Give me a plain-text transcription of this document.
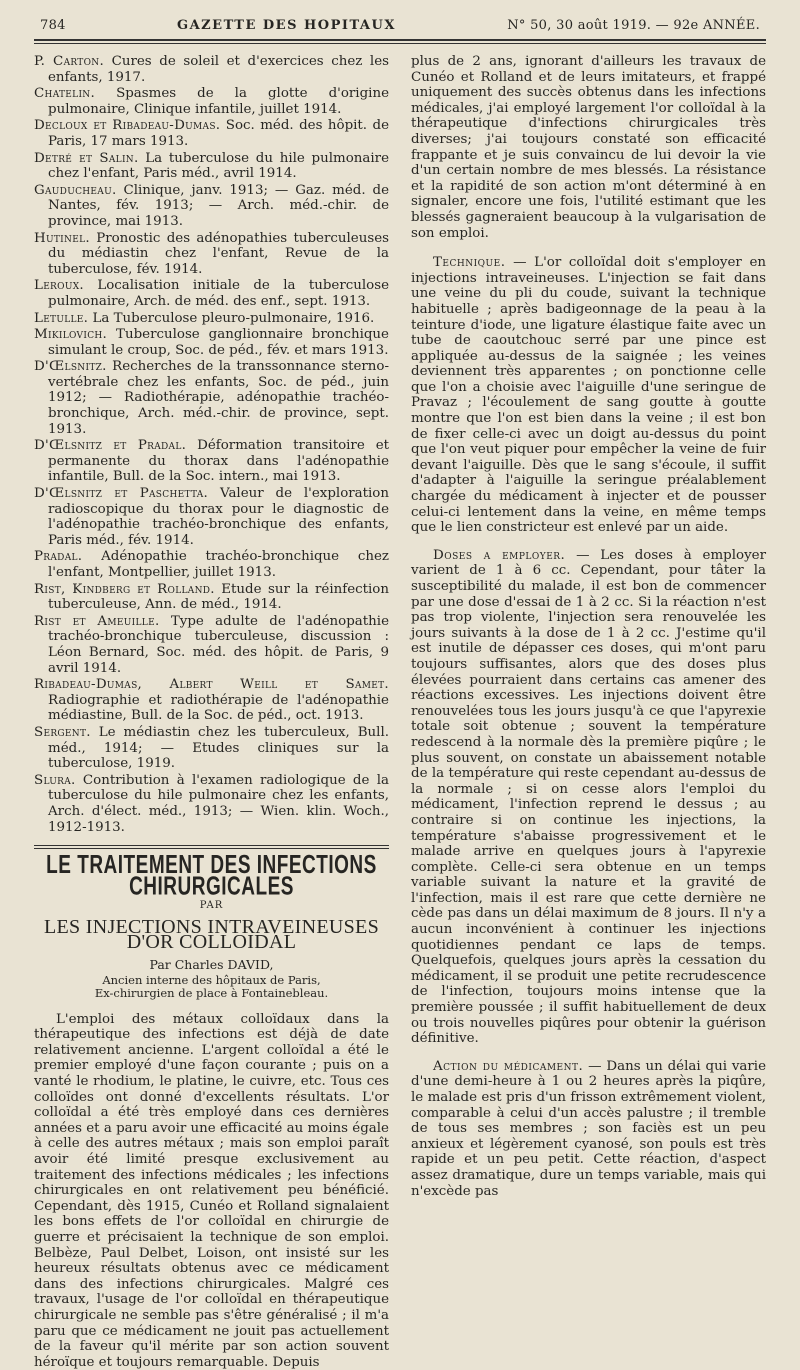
784	GAZETTE DES HOPITAUX	N° 50, 30 août 1919. — 92e ANNÉE.

P. Carton. Cures de soleil et d'exercices chez les enfants, 1917.

Chatelin. Spasmes de la glotte d'origine pulmonaire, Clinique infantile, juillet 1914.

Decloux et Ribadeau-Dumas. Soc. méd. des hôpit. de Paris, 17 mars 1913.

Detré et Salin. La tuberculose du hile pulmonaire chez l'enfant, Paris méd., avril 1914.

Gauducheau. Clinique, janv. 1913; — Gaz. méd. de Nantes, fév. 1913; — Arch. méd.-chir. de province, mai 1913.

Hutinel. Pronostic des adénopathies tuberculeuses du médiastin chez l'enfant, Revue de la tuberculose, fév. 1914.

Leroux. Localisation initiale de la tuberculose pulmonaire, Arch. de méd. des enf., sept. 1913.

Letulle. La Tuberculose pleuro-pulmonaire, 1916.

Mikilovich. Tuberculose ganglionnaire bronchique simulant le croup, Soc. de péd., fév. et mars 1913.

D'Œlsnitz. Recherches de la transsonnance sterno-vertébrale chez les enfants, Soc. de péd., juin 1912; — Radiothérapie, adénopathie trachéo-bronchique, Arch. méd.-chir. de province, sept. 1913.

D'Œlsnitz et Pradal. Déformation transitoire et permanente du thorax dans l'adénopathie infantile, Bull. de la Soc. intern., mai 1913.

D'Œlsnitz et Paschetta. Valeur de l'exploration radioscopique du thorax pour le diagnostic de l'adénopathie trachéo-bronchique des enfants, Paris méd., fév. 1914.

Pradal. Adénopathie trachéo-bronchique chez l'enfant, Montpellier, juillet 1913.

Rist, Kindberg et Rolland. Etude sur la réinfection tuberculeuse, Ann. de méd., 1914.

Rist et Ameuille. Type adulte de l'adénopathie trachéo-bronchique tuberculeuse, discussion : Léon Bernard, Soc. méd. des hôpit. de Paris, 9 avril 1914.

Ribadeau-Dumas, Albert Weill et Samet. Radiographie et radiothérapie de l'adénopathie médiastine, Bull. de la Soc. de péd., oct. 1913.

Sergent. Le médiastin chez les tuberculeux, Bull. méd., 1914; — Etudes cliniques sur la tuberculose, 1919.

Slura. Contribution à l'examen radiologique de la tuberculose du hile pulmonaire chez les enfants, Arch. d'élect. méd., 1913; — Wien. klin. Woch., 1912-1913.

LE TRAITEMENT DES INFECTIONS CHIRURGICALES
PAR
LES INJECTIONS INTRAVEINEUSES D'OR COLLOIDAL
Par Charles DAVID,
Ancien interne des hôpitaux de Paris,
Ex-chirurgien de place à Fontainebleau.

L'emploi des métaux colloïdaux dans la thérapeutique des infections est déjà de date relativement ancienne. L'argent colloïdal a été le premier employé d'une façon courante ; puis on a vanté le rhodium, le platine, le cuivre, etc. Tous ces colloïdes ont donné d'excellents résultats. L'or colloïdal a été très employé dans ces dernières années et a paru avoir une efficacité au moins égale à celle des autres métaux ; mais son emploi paraît avoir été limité presque exclusivement au traitement des infections médicales ; les infections chirurgicales en ont relativement peu bénéficié. Cependant, dès 1915, Cunéo et Rolland signalaient les bons effets de l'or colloïdal en chirurgie de guerre et précisaient la technique de son emploi. Belbèze, Paul Delbet, Loison, ont insisté sur les heureux résultats obtenus avec ce médicament dans des infections chirurgicales. Malgré ces travaux, l'usage de l'or colloïdal en thérapeutique chirurgicale ne semble pas s'être généralisé ; il m'a paru que ce médicament ne jouit pas actuellement de la faveur qu'il mérite par son action souvent héroïque et toujours remarquable. Depuis

plus de 2 ans, ignorant d'ailleurs les travaux de Cunéo et Rolland et de leurs imitateurs, et frappé uniquement des succès obtenus dans les infections médicales, j'ai employé largement l'or colloïdal à la thérapeutique d'infections chirurgicales très diverses; j'ai toujours constaté son efficacité frappante et je suis convaincu de lui devoir la vie d'un certain nombre de mes blessés. La résistance et la rapidité de son action m'ont déterminé à en signaler, encore une fois, l'utilité estimant que les blessés gagneraient beaucoup à la vulgarisation de son emploi.

Technique. — L'or colloïdal doit s'employer en injections intraveineuses. L'injection se fait dans une veine du pli du coude, suivant la technique habituelle ; après badigeonnage de la peau à la teinture d'iode, une ligature élastique faite avec un tube de caoutchouc serré par une pince est appliquée au-dessus de la saignée ; les veines deviennent très apparentes ; on ponctionne celle que l'on a choisie avec l'aiguille d'une seringue de Pravaz ; l'écoulement de sang goutte à goutte montre que l'on est bien dans la veine ; il est bon de fixer celle-ci avec un doigt au-dessus du point que l'on veut piquer pour empêcher la veine de fuir devant l'aiguille. Dès que le sang s'écoule, il suffit d'adapter à l'aiguille la seringue préalablement chargée du médicament à injecter et de pousser celui-ci lentement dans la veine, en même temps que le lien constricteur est enlevé par un aide.

Doses a employer. — Les doses à employer varient de 1 à 6 cc. Cependant, pour tâter la susceptibilité du malade, il est bon de commencer par une dose d'essai de 1 à 2 cc. Si la réaction n'est pas trop violente, l'injection sera renouvelée les jours suivants à la dose de 1 à 2 cc. J'estime qu'il est inutile de dépasser ces doses, qui m'ont paru toujours suffisantes, alors que des doses plus élevées pourraient dans certains cas amener des réactions excessives. Les injections doivent être renouvelées tous les jours jusqu'à ce que l'apyrexie totale soit obtenue ; souvent la température redescend à la normale dès la première piqûre ; le plus souvent, on constate un abaissement notable de la température qui reste cependant au-dessus de la normale ; si on cesse alors l'emploi du médicament, l'infection reprend le dessus ; au contraire si on continue les injections, la température s'abaisse progressivement et le malade arrive en quelques jours à l'apyrexie complète. Celle-ci sera obtenue en un temps variable suivant la nature et la gravité de l'infection, mais il est rare que cette dernière ne cède pas dans un délai maximum de 8 jours. Il n'y a aucun inconvénient à continuer les injections quotidiennes pendant ce laps de temps. Quelquefois, quelques jours après la cessation du médicament, il se produit une petite recrudescence de l'infection, toujours moins intense que la première poussée ; il suffit habituellement de deux ou trois nouvelles piqûres pour obtenir la guérison définitive.

Action du médicament. — Dans un délai qui varie d'une demi-heure à 1 ou 2 heures après la piqûre, le malade est pris d'un frisson extrêmement violent, comparable à celui d'un accès palustre ; il tremble de tous ses membres ; son faciès est un peu anxieux et légèrement cyanosé, son pouls est très rapide et un peu petit. Cette réaction, d'aspect assez dramatique, dure un temps variable, mais qui n'excède pas
